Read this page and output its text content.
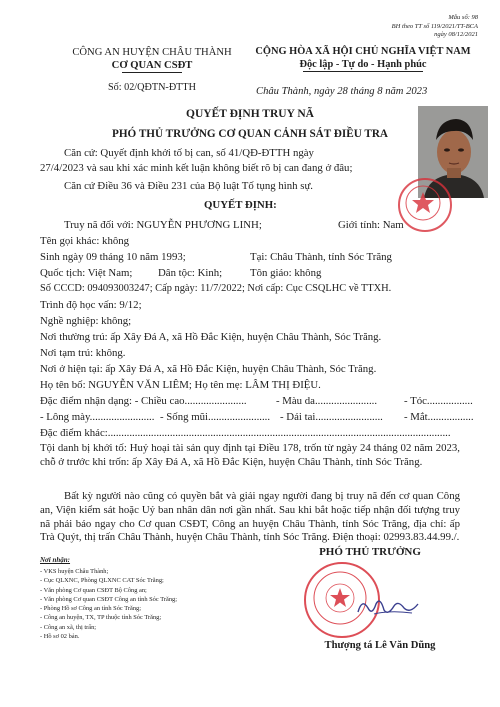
Mẫu số: 98
BH theo TT số 119/2021/TT-BCA
ngày 08/12/2021
CÔNG AN HUYỆN CHÂU THÀNH
CƠ QUAN CSĐT
Số: 02/QĐTN-ĐTTH
CỘNG HÒA XÃ HỘI CHỦ NGHĨA VIỆT NAM
Độc lập - Tự do - Hạnh phúc
Châu Thành, ngày 28 tháng 8 năm 2023
QUYẾT ĐỊNH TRUY NÃ
PHÓ THỦ TRƯỞNG CƠ QUAN CẢNH SÁT ĐIỀU TRA
Căn cứ: Quyết định khởi tố bị can, số 41/QĐ-ĐTTH ngày
27/4/2023 và sau khi xác minh kết luận không biết rõ bị can đang ở đâu;
Căn cứ Điều 36 và Điều 231 của Bộ luật Tố tụng hình sự.
QUYẾT ĐỊNH:
Truy nã đối với: NGUYỄN PHƯƠNG LINH;	Giới tính: Nam
Tên gọi khác: không
Sinh ngày 09 tháng 10 năm 1993;	Tại: Châu Thành, tỉnh Sóc Trăng
Quốc tịch: Việt Nam; Dân tộc: Kinh;	Tôn giáo: không
Số CCCD: 094093003247; Cấp ngày: 11/7/2022; Nơi cấp: Cục CSQLHC về TTXH.
Trình độ học vấn: 9/12;
Nghề nghiệp: không;
Nơi thường trú: ấp Xây Đá A, xã Hồ Đắc Kiện, huyện Châu Thành, Sóc Trăng.
Nơi tạm trú: không.
Nơi ở hiện tại: ấp Xây Đá A, xã Hồ Đắc Kiện, huyện Châu Thành, Sóc Trăng.
Họ tên bố: NGUYỄN VĂN LIÊM; Họ tên mẹ: LÂM THỊ ĐIỆU.
Đặc điểm nhận dạng: - Chiều cao.......................	- Màu da....................... - Tóc.................
- Lông mày........................ - Sống mũi....................... - Dái tai......................... - Mắt.................
Đặc điểm khác:...............................................................................................................................
Tội danh bị khởi tố: Huỷ hoại tài sản quy định tại Điều 178, trốn từ ngày 24 tháng 02 năm 2023, chỗ ở trước khi trốn: ấp Xây Đá A, xã Hồ Đắc Kiện, huyện Châu Thành, tỉnh Sóc Trăng.
Bất kỳ người nào cũng có quyền bắt và giải ngay người đang bị truy nã đến cơ quan Công an, Viện kiểm sát hoặc Uỷ ban nhân dân nơi gần nhất. Sau khi bắt hoặc tiếp nhận đối tượng truy nã phải báo ngay cho Cơ quan CSĐT, Công an huyện Châu Thành, tỉnh Sóc Trăng, địa chỉ: ấp Trà Quýt, thị trấn Châu Thành, huyện Châu Thành, tỉnh Sóc Trăng. Điện thoại: 02993.83.44.99./.
Nơi nhận:
- VKS huyện Châu Thành;
- Cục QLXNC, Phòng QLXNC CAT Sóc Trăng;
- Văn phòng Cơ quan CSĐT Bộ Công an;
- Văn phòng Cơ quan CSĐT Công an tỉnh Sóc Trăng;
- Phòng Hồ sơ Công an tỉnh Sóc Trăng;
- Công an huyện, TX, TP thuộc tỉnh Sóc Trăng;
- Công an xã, thị trấn;
- Hồ sơ 02 bản.
PHÓ THỦ TRƯỞNG
Thượng tá Lê Văn Dũng
